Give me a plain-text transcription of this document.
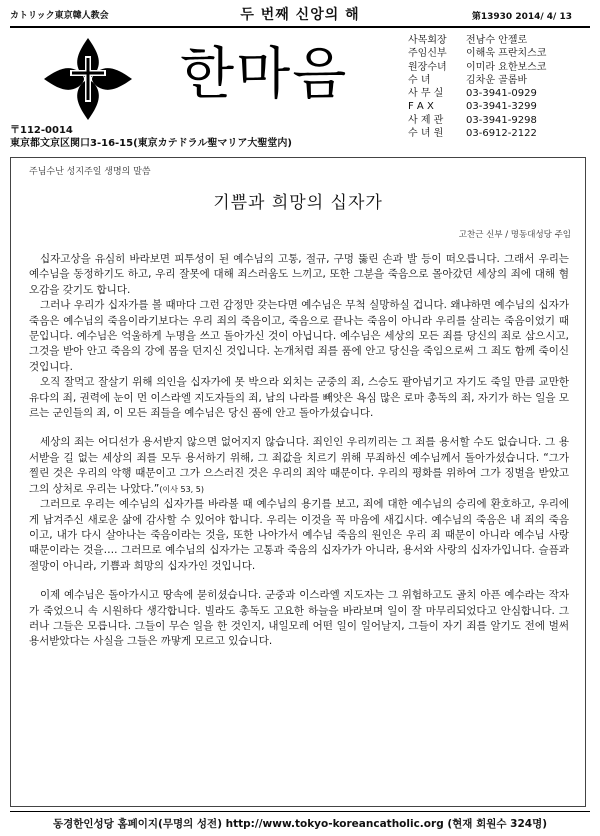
カトリック東京韓人教会	두 번째 신앙의 해	第13930 2014/ 4/ 13
한마음
사목회장	전남수 안젤로
주임신부	이해욱 프란치스코
원장수녀	이미라 요한보스코
수 녀	김차운 골롬바
사 무 실	03-3941-0929
F A X	03-3941-3299
사 제 관	03-3941-9298
수 녀 원	03-6912-2122
〒112-0014
東京都文京区関口3-16-15(東京カテドラル聖マリア大聖堂内)
주님수난 성지주일 생명의 말씀
기쁨과 희망의 십자가
고찬근 신부 / 명동대성당 주임

십자고상을 유심히 바라보면 피투성이 된 예수님의 고통, 절규, 구멍 뚫린 손과 발 등이 떠오릅니다. 그래서 우리는 예수님을 동정하기도 하고, 우리 잘못에 대해 죄스러움도 느끼고, 또한 그분을 죽음으로 몰아갔던 세상의 죄에 대해 혐오감을 갖기도 합니다.

그러나 우리가 십자가를 볼 때마다 그런 감정만 갖는다면 예수님은 무척 실망하실 겁니다. 왜냐하면 예수님의 십자가 죽음은 예수님의 죽음이라기보다는 우리 죄의 죽음이고, 죽음으로 끝나는 죽음이 아니라 우리를 살리는 죽음이었기 때문입니다. 예수님은 억울하게 누명을 쓰고 돌아가신 것이 아닙니다. 예수님은 세상의 모든 죄를 당신의 죄로 삼으시고, 그것을 받아 안고 죽음의 강에 몸을 던지신 것입니다. 논개처럼 죄를 품에 안고 당신을 죽임으로써 그 죄도 함께 죽이신 것입니다.

오직 잘먹고 잘살기 위해 의인을 십자가에 못 박으라 외치는 군중의 죄, 스승도 팔아넘기고 자기도 죽일 만큼 교만한 유다의 죄, 권력에 눈이 먼 이스라엘 지도자들의 죄, 남의 나라를 빼앗은 욕심 많은 로마 총독의 죄, 자기가 하는 일을 모르는 군인들의 죄, 이 모든 죄들을 예수님은 당신 품에 안고 돌아가셨습니다.

세상의 죄는 어디선가 용서받지 않으면 없어지지 않습니다. 죄인인 우리끼리는 그 죄를 용서할 수도 없습니다. 그 용서받을 길 없는 세상의 죄를 모두 용서하기 위해, 그 죄값을 치르기 위해 무죄하신 예수님께서 돌아가셨습니다. “그가 찔린 것은 우리의 악행 때문이고 그가 으스러진 것은 우리의 죄악 때문이다. 우리의 평화를 위하여 그가 징벌을 받았고 그의 상처로 우리는 나았다.”(이사 53, 5)

그러므로 우리는 예수님의 십자가를 바라볼 때 예수님의 용기를 보고, 죄에 대한 예수님의 승리에 환호하고, 우리에게 남겨주신 새로운 삶에 감사할 수 있어야 합니다. 우리는 이것을 꼭 마음에 새깁시다. 예수님의 죽음은 내 죄의 죽음이고, 내가 다시 살아나는 죽음이라는 것을, 또한 나아가서 예수님 죽음의 원인은 우리 죄 때문이 아니라 예수님 사랑 때문이라는 것을…. 그러므로 예수님의 십자가는 고통과 죽음의 십자가가 아니라, 용서와 사랑의 십자가입니다. 슬픔과 절망이 아니라, 기쁨과 희망의 십자가인 것입니다.

이제 예수님은 돌아가시고 땅속에 묻히셨습니다. 군중과 이스라엘 지도자는 그 위험하고도 골치 아픈 예수라는 작자가 죽었으니 속 시원하다 생각합니다. 빌라도 총독도 고요한 하늘을 바라보며 일이 잘 마무리되었다고 안심합니다. 그러나 그들은 모릅니다. 그들이 무슨 일을 한 것인지, 내일모레 어떤 일이 일어날지, 그들이 자기 죄를 알기도 전에 벌써 용서받았다는 사실을 그들은 까맣게 모르고 있습니다.

동경한인성당 홈페이지(무명의 성전) http://www.tokyo-koreancatholic.org (현재 회원수 324명)
